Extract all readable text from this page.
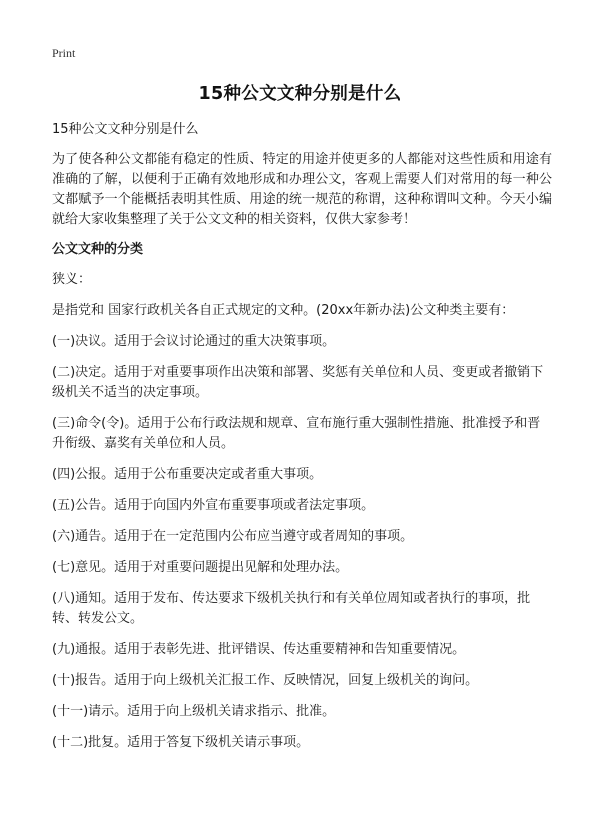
Print
15种公文文种分别是什么

15种公文文种分别是什么

为了使各种公文都能有稳定的性质、特定的用途并使更多的人都能对这些性质和用途有准确的了解，以便利于正确有效地形成和办理公文，客观上需要人们对常用的每一种公文都赋予一个能概括表明其性质、用途的统一规范的称谓，这种称谓叫文种。今天小编就给大家收集整理了关于公文文种的相关资料，仅供大家参考！

公文文种的分类

狭义：

是指党和 国家行政机关各自正式规定的文种。(20xx年新办法)公文种类主要有：

(一)决议。适用于会议讨论通过的重大决策事项。

(二)决定。适用于对重要事项作出决策和部署、奖惩有关单位和人员、变更或者撤销下级机关不适当的决定事项。

(三)命令(令)。适用于公布行政法规和规章、宣布施行重大强制性措施、批准授予和晋升衔级、嘉奖有关单位和人员。

(四)公报。适用于公布重要决定或者重大事项。

(五)公告。适用于向国内外宣布重要事项或者法定事项。

(六)通告。适用于在一定范围内公布应当遵守或者周知的事项。

(七)意见。适用于对重要问题提出见解和处理办法。

(八)通知。适用于发布、传达要求下级机关执行和有关单位周知或者执行的事项，批转、转发公文。

(九)通报。适用于表彰先进、批评错误、传达重要精神和告知重要情况。

(十)报告。适用于向上级机关汇报工作、反映情况，回复上级机关的询问。

(十一)请示。适用于向上级机关请求指示、批准。

(十二)批复。适用于答复下级机关请示事项。
